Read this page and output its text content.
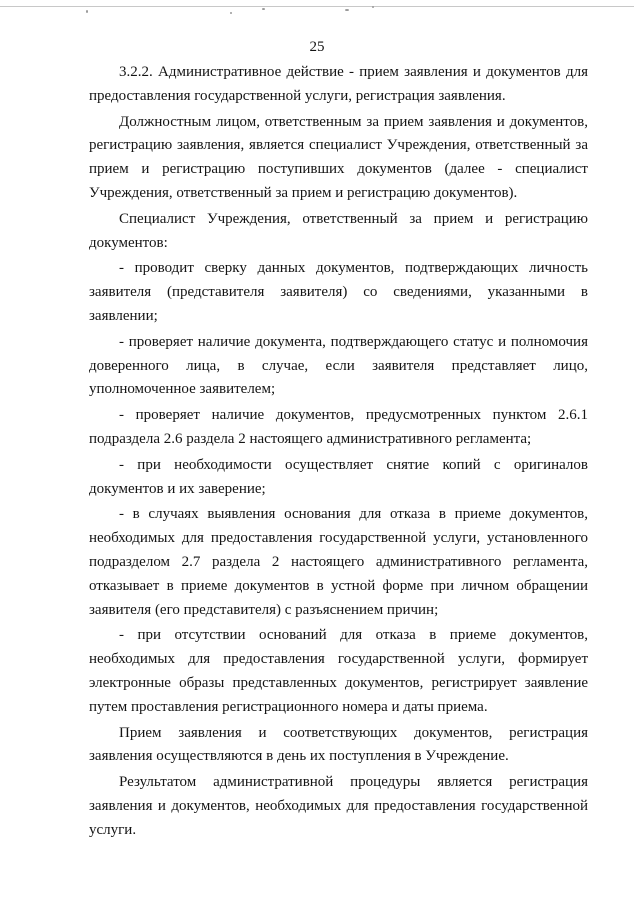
25

3.2.2. Административное действие - прием заявления и документов для предоставления государственной услуги, регистрация заявления.

Должностным лицом, ответственным за прием заявления и документов, регистрацию заявления, является специалист Учреждения, ответственный за прием и регистрацию поступивших документов (далее - специалист Учреждения, ответственный за прием и регистрацию документов).

Специалист Учреждения, ответственный за прием и регистрацию документов:

- проводит сверку данных документов, подтверждающих личность заявителя (представителя заявителя) со сведениями, указанными в заявлении;

- проверяет наличие документа, подтверждающего статус и полномочия доверенного лица, в случае, если заявителя представляет лицо, уполномоченное заявителем;

- проверяет наличие документов, предусмотренных пунктом 2.6.1 подраздела 2.6 раздела 2 настоящего административного регламента;

- при необходимости осуществляет снятие копий с оригиналов документов и их заверение;

- в случаях выявления основания для отказа в приеме документов, необходимых для предоставления государственной услуги, установленного подразделом 2.7 раздела 2 настоящего административного регламента, отказывает в приеме документов в устной форме при личном обращении заявителя (его представителя) с разъяснением причин;

- при отсутствии оснований для отказа в приеме документов, необходимых для предоставления государственной услуги, формирует электронные образы представленных документов, регистрирует заявление путем проставления регистрационного номера и даты приема.

Прием заявления и соответствующих документов, регистрация заявления осуществляются в день их поступления в Учреждение.

Результатом административной процедуры является регистрация заявления и документов, необходимых для предоставления государственной услуги.
